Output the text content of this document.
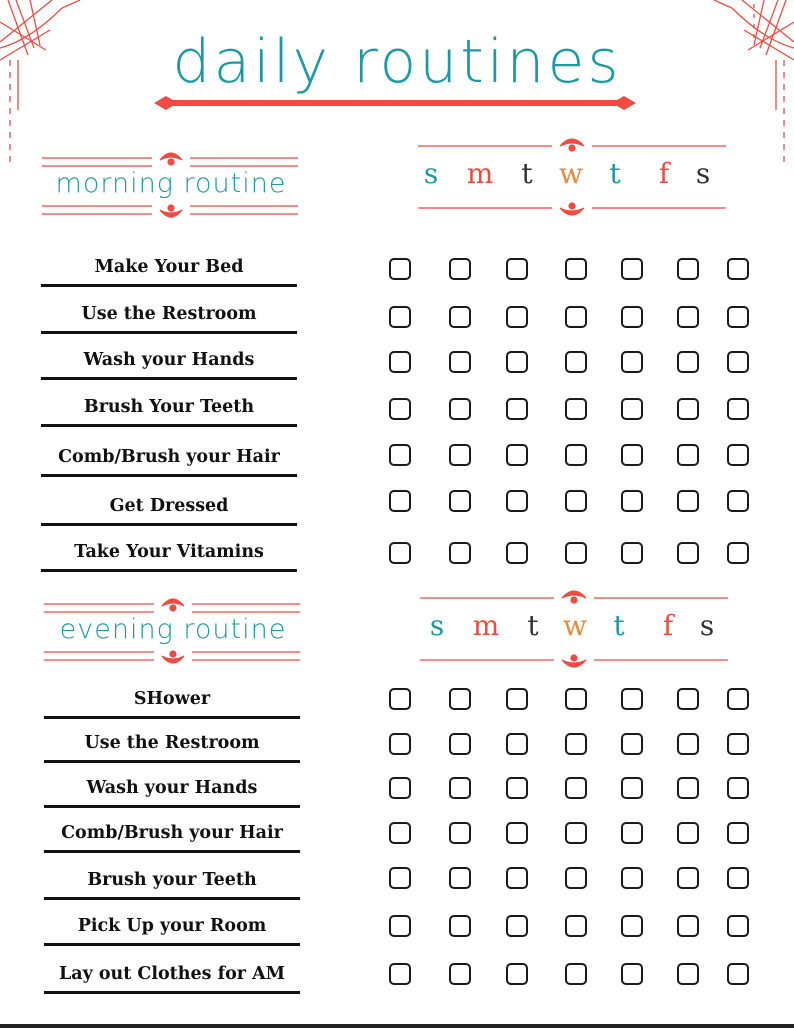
daily routines
morning routine	s m	t w t	f s
Make Your Bed
Use the Restroom
Wash your Hands
Brush Your Teeth
Comb/Brush your Hair
Get Dressed
Take Your Vitamins
evening routine	s m	t w t	f s
SHower
Use the Restroom
Wash your Hands
Comb/Brush your Hair
Brush your Teeth
Pick Up your Room
Lay out Clothes for AM
